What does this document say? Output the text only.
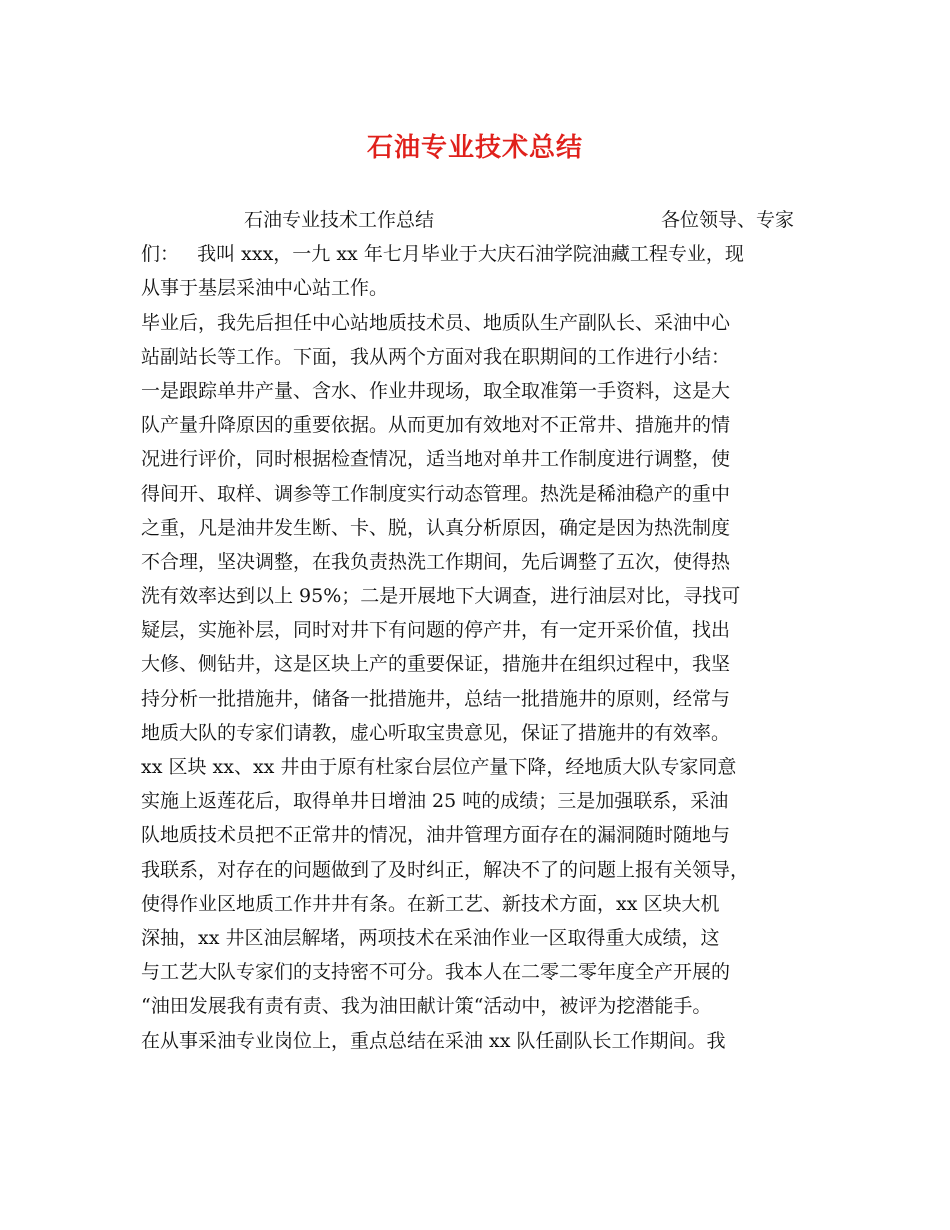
石油专业技术总结
石油专业技术工作总结	各位领导、专家
们：   我叫 xxx，一九 xx 年七月毕业于大庆石油学院油藏工程专业，现
从事于基层采油中心站工作。
毕业后，我先后担任中心站地质技术员、地质队生产副队长、采油中心
站副站长等工作。下面，我从两个方面对我在职期间的工作进行小结：
一是跟踪单井产量、含水、作业井现场，取全取准第一手资料，这是大
队产量升降原因的重要依据。从而更加有效地对不正常井、措施井的情
况进行评价，同时根据检查情况，适当地对单井工作制度进行调整，使
得间开、取样、调参等工作制度实行动态管理。热洗是稀油稳产的重中
之重，凡是油井发生断、卡、脱，认真分析原因，确定是因为热洗制度
不合理，坚决调整，在我负责热洗工作期间，先后调整了五次，使得热
洗有效率达到以上 95%；二是开展地下大调查，进行油层对比，寻找可
疑层，实施补层，同时对井下有问题的停产井，有一定开采价值，找出
大修、侧钻井，这是区块上产的重要保证，措施井在组织过程中，我坚
持分析一批措施井，储备一批措施井，总结一批措施井的原则，经常与
地质大队的专家们请教，虚心听取宝贵意见，保证了措施井的有效率。
xx 区块 xx、xx 井由于原有杜家台层位产量下降，经地质大队专家同意
实施上返莲花后，取得单井日增油 25 吨的成绩；三是加强联系，采油
队地质技术员把不正常井的情况，油井管理方面存在的漏洞随时随地与
我联系，对存在的问题做到了及时纠正，解决不了的问题上报有关领导，
使得作业区地质工作井井有条。在新工艺、新技术方面，xx 区块大机
深抽，xx 井区油层解堵，两项技术在采油作业一区取得重大成绩，这
与工艺大队专家们的支持密不可分。我本人在二零二零年度全产开展的
“油田发展我有责有责、我为油田献计策“活动中，被评为挖潜能手。
在从事采油专业岗位上，重点总结在采油 xx 队任副队长工作期间。我
